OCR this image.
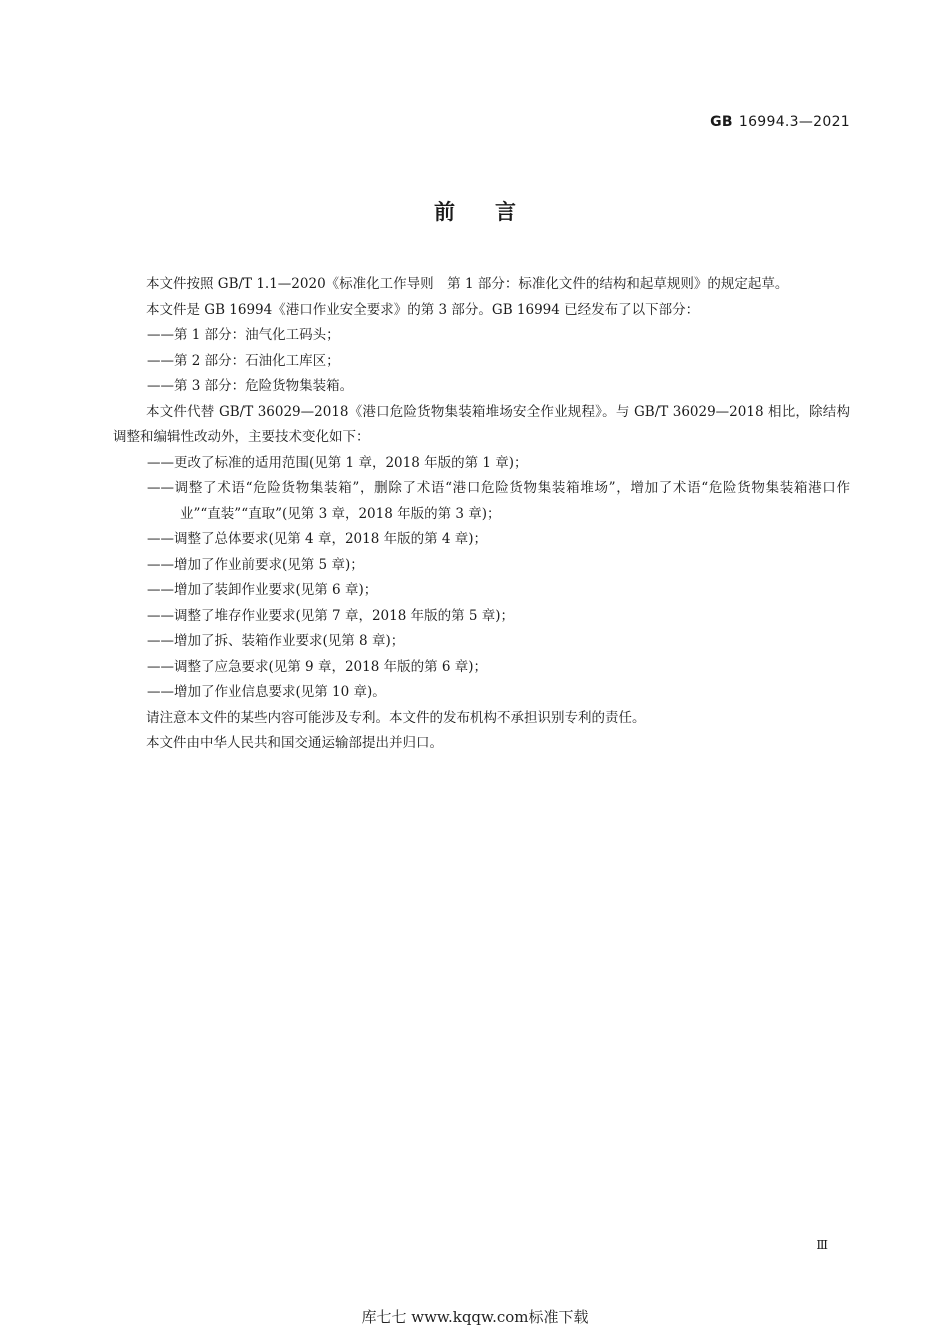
GB 16994.3—2021
前言

本文件按照 GB/T 1.1—2020《标准化工作导则　第 1 部分：标准化文件的结构和起草规则》的规定起草。

本文件是 GB 16994《港口作业安全要求》的第 3 部分。GB 16994 已经发布了以下部分：

——第 1 部分：油气化工码头；

——第 2 部分：石油化工库区；

——第 3 部分：危险货物集装箱。

本文件代替 GB/T 36029—2018《港口危险货物集装箱堆场安全作业规程》。与 GB/T 36029—2018 相比，除结构调整和编辑性改动外，主要技术变化如下：

——更改了标准的适用范围(见第 1 章，2018 年版的第 1 章)；

——调整了术语“危险货物集装箱”，删除了术语“港口危险货物集装箱堆场”，增加了术语“危险货物集装箱港口作业”“直装”“直取”(见第 3 章，2018 年版的第 3 章)；

——调整了总体要求(见第 4 章，2018 年版的第 4 章)；

——增加了作业前要求(见第 5 章)；

——增加了装卸作业要求(见第 6 章)；

——调整了堆存作业要求(见第 7 章，2018 年版的第 5 章)；

——增加了拆、装箱作业要求(见第 8 章)；

——调整了应急要求(见第 9 章，2018 年版的第 6 章)；

——增加了作业信息要求(见第 10 章)。

请注意本文件的某些内容可能涉及专利。本文件的发布机构不承担识别专利的责任。

本文件由中华人民共和国交通运输部提出并归口。

Ⅲ
库七七 www.kqqw.com标准下载
